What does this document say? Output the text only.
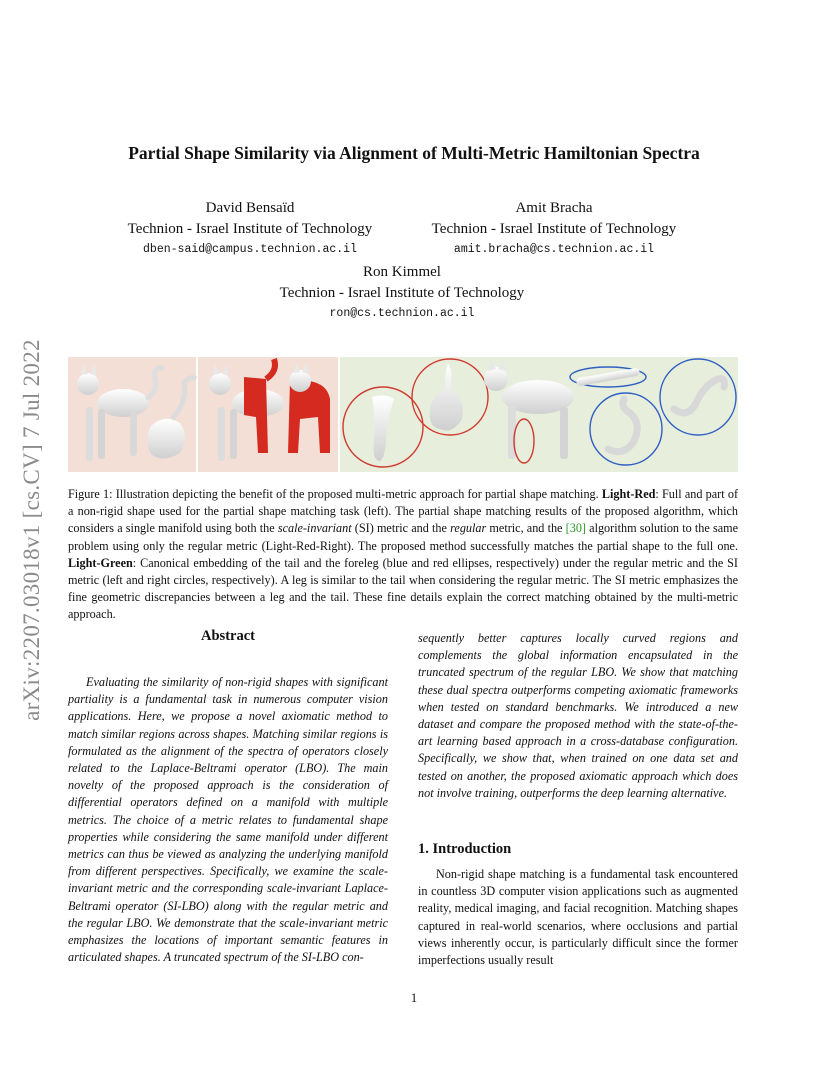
arXiv:2207.03018v1 [cs.CV] 7 Jul 2022
Partial Shape Similarity via Alignment of Multi-Metric Hamiltonian Spectra
David Bensaïd
Technion - Israel Institute of Technology
dben-said@campus.technion.ac.il
Amit Bracha
Technion - Israel Institute of Technology
amit.bracha@cs.technion.ac.il
Ron Kimmel
Technion - Israel Institute of Technology
ron@cs.technion.ac.il
Figure 1: Illustration depicting the benefit of the proposed multi-metric approach for partial shape matching. Light-Red: Full and part of a non-rigid shape used for the partial shape matching task (left). The partial shape matching results of the proposed algorithm, which considers a single manifold using both the scale-invariant (SI) metric and the regular metric, and the [30] algorithm solution to the same problem using only the regular metric (Light-Red-Right). The proposed method successfully matches the partial shape to the full one. Light-Green: Canonical embedding of the tail and the foreleg (blue and red ellipses, respectively) under the regular metric and the SI metric (left and right circles, respectively). A leg is similar to the tail when considering the regular metric. The SI metric emphasizes the fine geometric discrepancies between a leg and the tail. These fine details explain the correct matching obtained by the multi-metric approach.
Abstract
Evaluating the similarity of non-rigid shapes with significant partiality is a fundamental task in numerous computer vision applications. Here, we propose a novel axiomatic method to match similar regions across shapes. Matching similar regions is formulated as the alignment of the spectra of operators closely related to the Laplace-Beltrami operator (LBO). The main novelty of the proposed approach is the consideration of differential operators defined on a manifold with multiple metrics. The choice of a metric relates to fundamental shape properties while considering the same manifold under different metrics can thus be viewed as analyzing the underlying manifold from different perspectives. Specifically, we examine the scale-invariant metric and the corresponding scale-invariant Laplace-Beltrami operator (SI-LBO) along with the regular metric and the regular LBO. We demonstrate that the scale-invariant metric emphasizes the locations of important semantic features in articulated shapes. A truncated spectrum of the SI-LBO con-
sequently better captures locally curved regions and complements the global information encapsulated in the truncated spectrum of the regular LBO. We show that matching these dual spectra outperforms competing axiomatic frameworks when tested on standard benchmarks. We introduced a new dataset and compare the proposed method with the state-of-the-art learning based approach in a cross-database configuration. Specifically, we show that, when trained on one data set and tested on another, the proposed axiomatic approach which does not involve training, outperforms the deep learning alternative.
1. Introduction
Non-rigid shape matching is a fundamental task encountered in countless 3D computer vision applications such as augmented reality, medical imaging, and facial recognition. Matching shapes captured in real-world scenarios, where occlusions and partial views inherently occur, is particularly difficult since the former imperfections usually result
1
